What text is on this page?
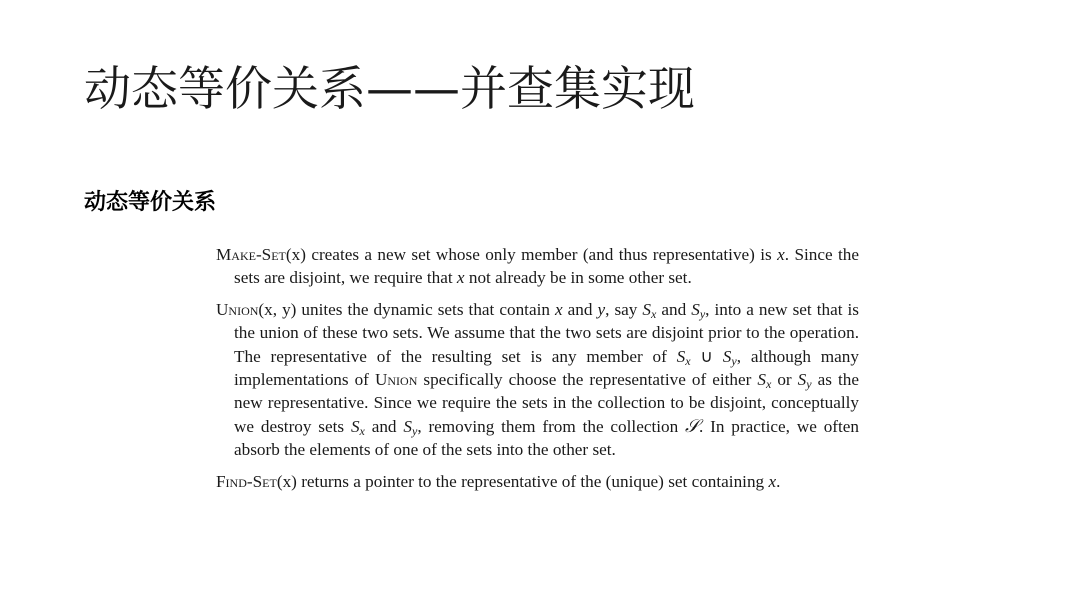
动态等价关系——并查集实现
动态等价关系

Make-Set(x) creates a new set whose only member (and thus representative) is x. Since the sets are disjoint, we require that x not already be in some other set.

Union(x, y) unites the dynamic sets that contain x and y, say $S_x$ and $S_y$, into a new set that is the union of these two sets. We assume that the two sets are disjoint prior to the operation. The representative of the resulting set is any member of $S_x$ ∪ $S_y$, although many implementations of Union specifically choose the representative of either $S_x$ or $S_y$ as the new representative. Since we require the sets in the collection to be disjoint, conceptually we destroy sets $S_x$ and $S_y$, removing them from the collection 𝒮. In practice, we often absorb the elements of one of the sets into the other set.

Find-Set(x) returns a pointer to the representative of the (unique) set containing x.
